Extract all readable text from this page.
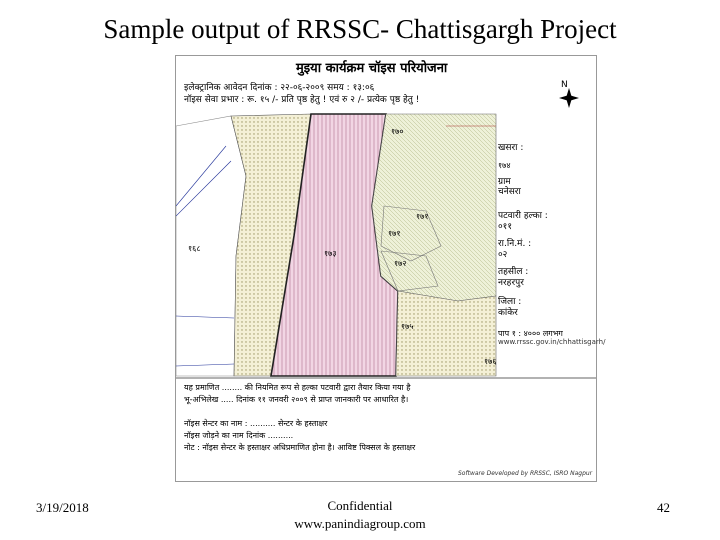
Sample output of RRSSC- Chattisgargh Project
मुइया कार्यक्रम चॉइस परियोजना
इलेक्ट्रानिक आवेदन दिनांक : २२-०६-२००९ समय : १३:०६
नॉइस सेवा प्रभार : रू. १५ /- प्रति पृष्ठ हेतु ! एवं रु २ /- प्रत्येक पृष्ठ हेतु !
N
१७०
१७१
१७१
१७२
१७३
१७५
१७६
१६८
१७४
खसरा :
ग्राम
चनेसरा
पटवारी हल्का :
०११
रा.नि.मं. :
०२
तहसील :
नरहरपुर
जिला :
कांकेर
पाप १ : ४००० लगभग
www.rrssc.gov.in/chhattisgarh/
यह प्रमाणित ........ की नियमित रूप से हल्का पटवारी द्वारा तैयार किया गया है
भू-अभिलेख ..... दिनांक ११ जनवरी २००९ से प्राप्त जानकारी पर आधारित है।
नॉइस सेन्टर का नाम : .......... सेन्टर के हस्ताक्षर
नॉइस जोड़ने का नाम दिनांक ..........
नोट : नॉइस सेन्टर के हस्ताक्षर अधिप्रमाणित होना है। आविष्ट पिक्सल के हस्ताक्षर
Software Developed by RRSSC, ISRO Nagpur
3/19/2018	Confidential
www.panindiagroup.com
42
